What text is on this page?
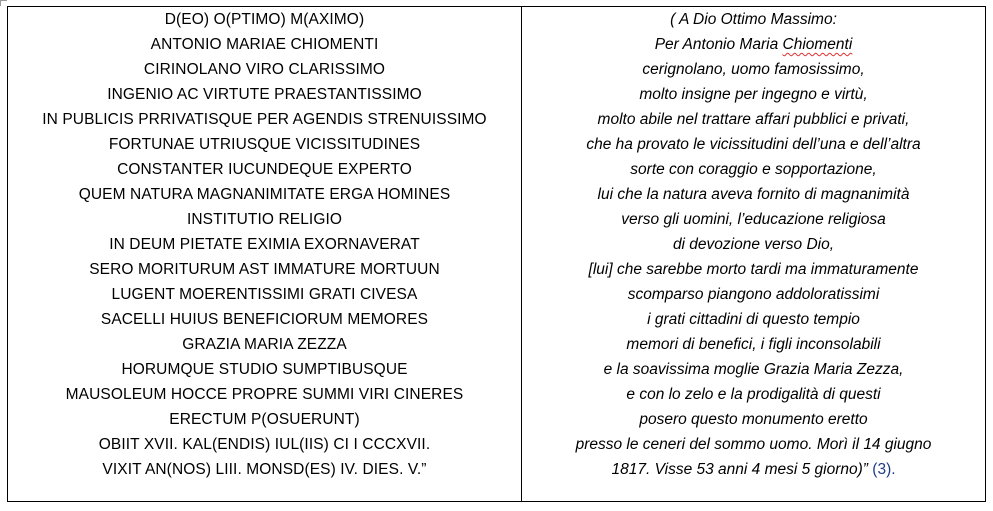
D(EO) O(PTIMO) M(AXIMO)
ANTONIO MARIAE CHIOMENTI
CIRINOLANO VIRO CLARISSIMO
INGENIO AC VIRTUTE PRAESTANTISSIMO
IN PUBLICIS PRRIVATISQUE PER AGENDIS STRENUISSIMO
FORTUNAE UTRIUSQUE VICISSITUDINES
CONSTANTER IUCUNDEQUE EXPERTO
QUEM NATURA MAGNANIMITATE ERGA HOMINES
INSTITUTIO RELIGIO
IN DEUM PIETATE EXIMIA EXORNAVERAT
SERO MORITURUM AST IMMATURE MORTUUN
LUGENT MOERENTISSIMI GRATI CIVESA
SACELLI HUIUS BENEFICIORUM MEMORES
GRAZIA MARIA ZEZZA
HORUMQUE STUDIO SUMPTIBUSQUE
MAUSOLEUM HOCCE PROPRE SUMMI VIRI CINERES
ERECTUM P(OSUERUNT)
OBIIT XVII. KAL(ENDIS) IUL(IIS) CI I CCCXVII.
VIXIT AN(NOS) LIII. MONSD(ES) IV. DIES. V.”
( A Dio Ottimo Massimo:
Per Antonio Maria Chiomenti
cerignolano, uomo famosissimo,
molto insigne per ingegno e virtù,
molto abile nel trattare affari pubblici e privati,
che ha provato le vicissitudini dell’una e dell’altra
sorte con coraggio e sopportazione,
lui che la natura aveva fornito di magnanimità
verso gli uomini, l’educazione religiosa
di devozione verso Dio,
[lui] che sarebbe morto tardi ma immaturamente
scomparso piangono addoloratissimi
i grati cittadini di questo tempio
memori di benefici, i figli inconsolabili
e la soavissima moglie Grazia Maria Zezza,
e con lo zelo e la prodigalità di questi
posero questo monumento eretto
presso le ceneri del sommo uomo. Morì il 14 giugno
1817. Visse 53 anni 4 mesi 5 giorno)” (3).
